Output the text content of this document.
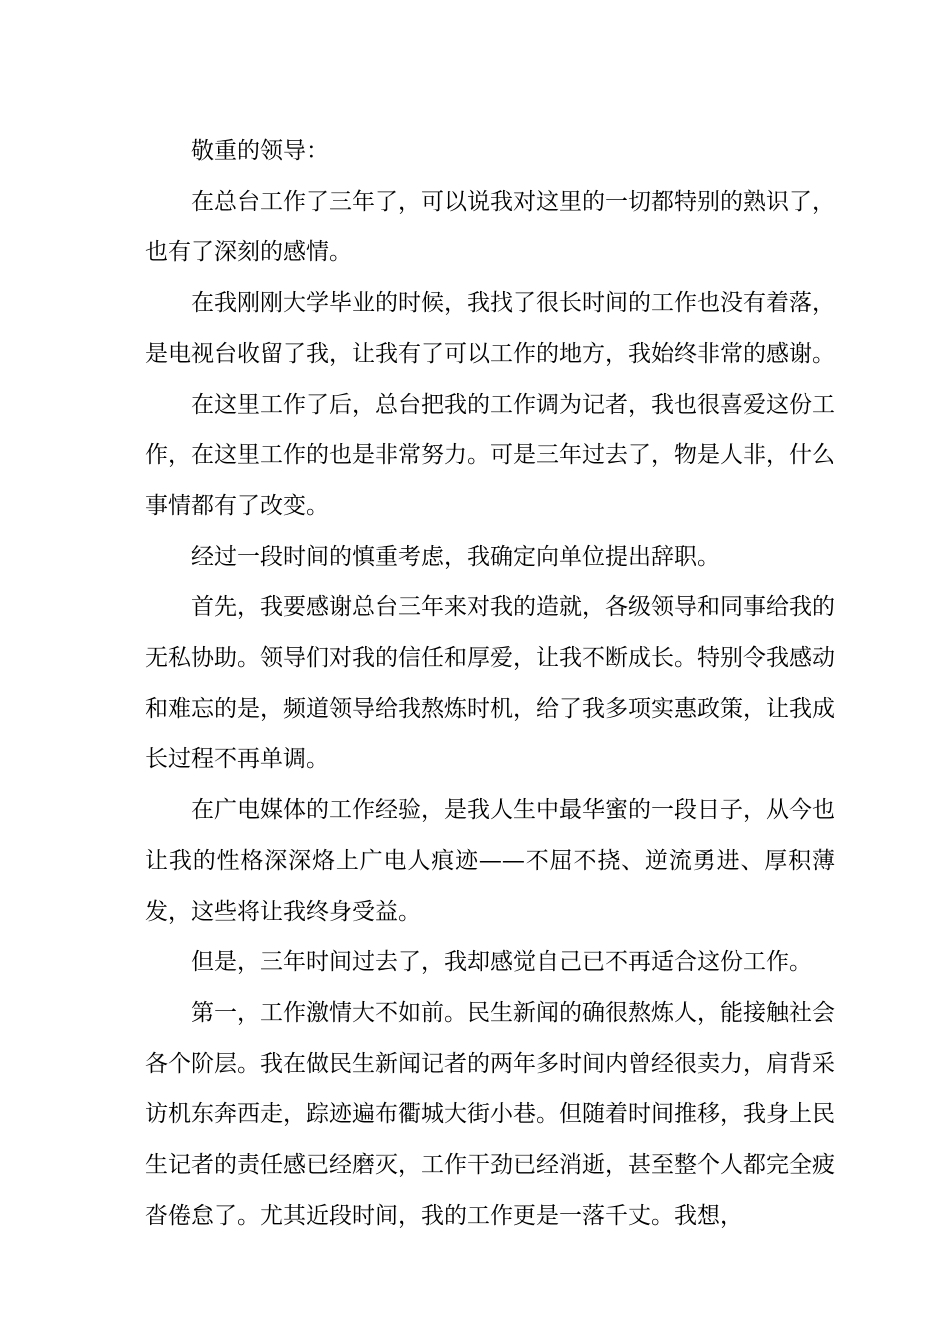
敬重的领导：

在总台工作了三年了，可以说我对这里的一切都特别的熟识了，也有了深刻的感情。

在我刚刚大学毕业的时候，我找了很长时间的工作也没有着落，是电视台收留了我，让我有了可以工作的地方，我始终非常的感谢。

在这里工作了后，总台把我的工作调为记者，我也很喜爱这份工作，在这里工作的也是非常努力。可是三年过去了，物是人非，什么事情都有了改变。

经过一段时间的慎重考虑，我确定向单位提出辞职。

首先，我要感谢总台三年来对我的造就，各级领导和同事给我的无私协助。领导们对我的信任和厚爱，让我不断成长。特别令我感动和难忘的是，频道领导给我熬炼时机，给了我多项实惠政策，让我成长过程不再单调。

在广电媒体的工作经验，是我人生中最华蜜的一段日子，从今也让我的性格深深烙上广电人痕迹——不屈不挠、逆流勇进、厚积薄发，这些将让我终身受益。

但是，三年时间过去了，我却感觉自己已不再适合这份工作。

第一，工作激情大不如前。民生新闻的确很熬炼人，能接触社会各个阶层。我在做民生新闻记者的两年多时间内曾经很卖力，肩背采访机东奔西走，踪迹遍布衢城大街小巷。但随着时间推移，我身上民生记者的责任感已经磨灭，工作干劲已经消逝，甚至整个人都完全疲沓倦怠了。尤其近段时间，我的工作更是一落千丈。我想，
